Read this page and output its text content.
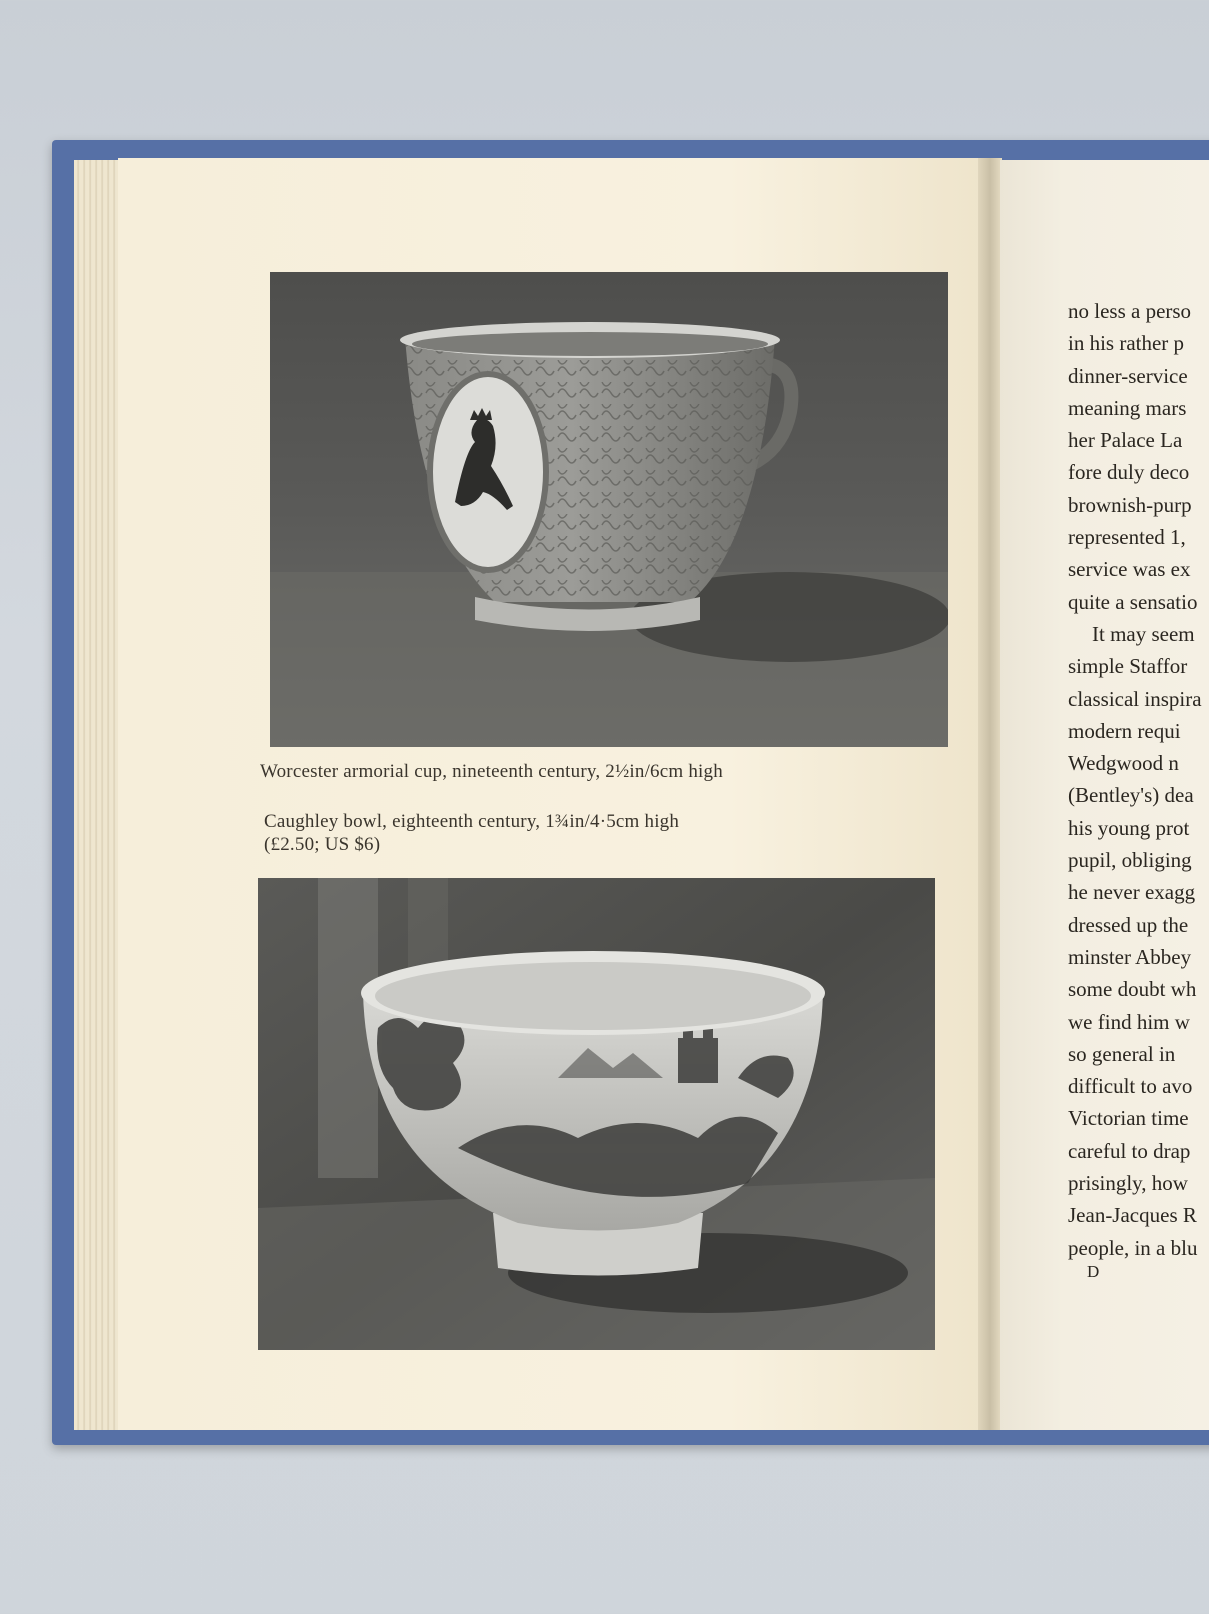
Worcester armorial cup, nineteenth century, 2½in/6cm high
Caughley bowl, eighteenth century, 1¾in/4·5cm high
(£2.50; US $6)
no less a perso
in his rather p
dinner-service
meaning mars
her Palace La
fore duly deco
brownish-purp
represented 1,
service was ex
quite a sensatio
It may seem
simple Staffor
classical inspira
modern requi
Wedgwood n
(Bentley's) dea
his young prot
pupil, obliging
he never exagg
dressed up the
minster Abbey
some doubt wh
we find him w
so general in
difficult to avo
Victorian time
careful to drap
prisingly, how
Jean-Jacques R
people, in a blu
D
